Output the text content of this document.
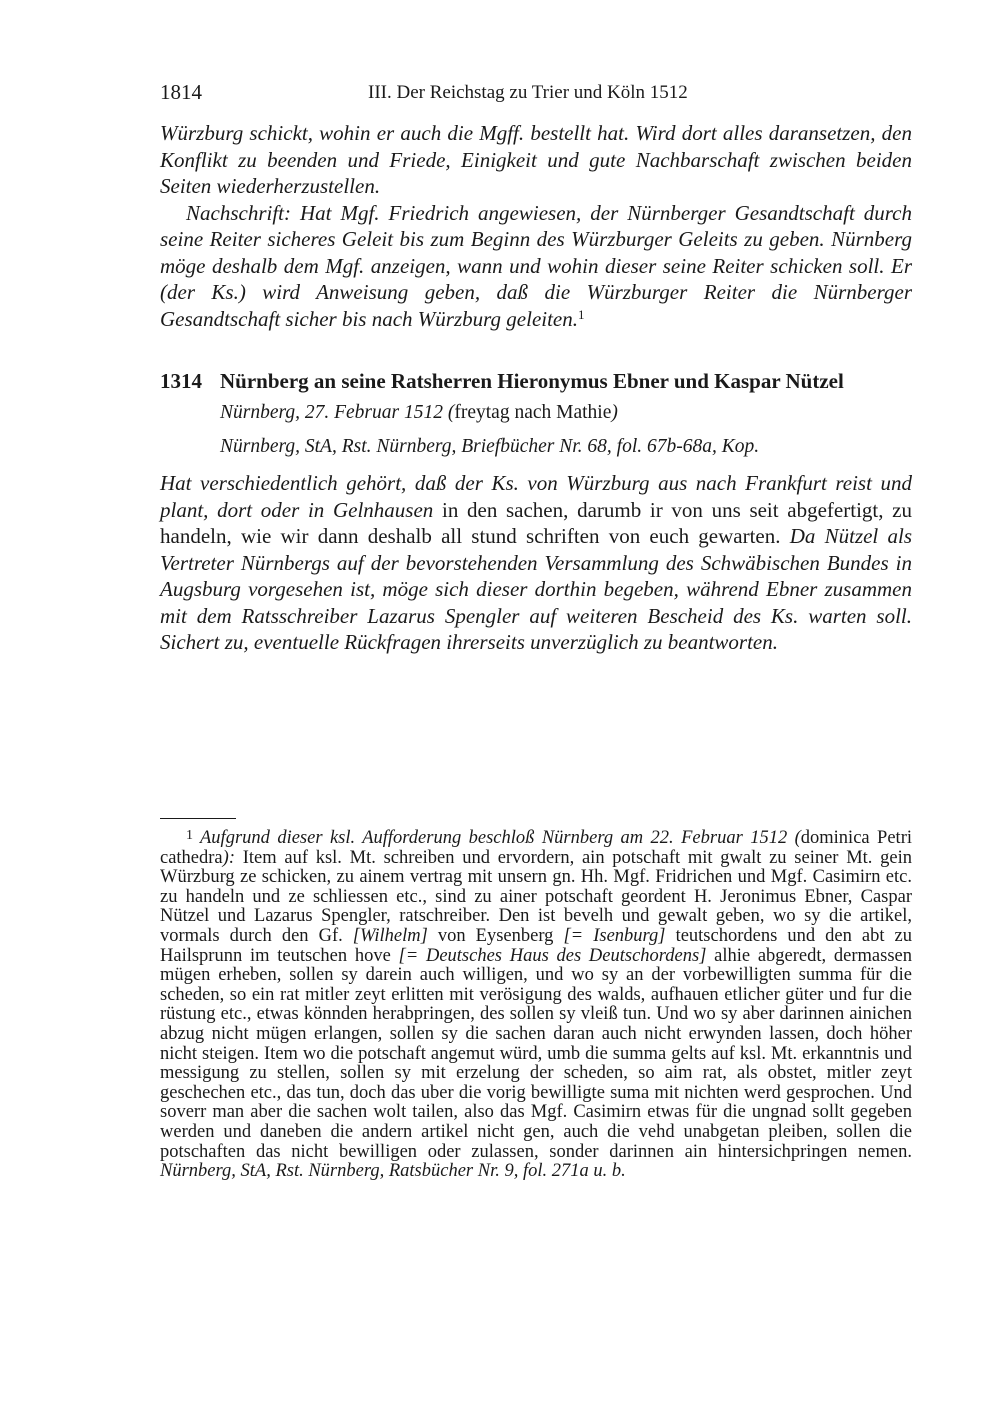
1814	III. Der Reichstag zu Trier und Köln 1512

Würzburg schickt, wohin er auch die Mgff. bestellt hat. Wird dort alles daransetzen, den Konflikt zu beenden und Friede, Einigkeit und gute Nachbarschaft zwischen beiden Seiten wiederherzustellen.

Nachschrift: Hat Mgf. Friedrich angewiesen, der Nürnberger Gesandtschaft durch seine Reiter sicheres Geleit bis zum Beginn des Würzburger Geleits zu geben. Nürnberg möge deshalb dem Mgf. anzeigen, wann und wohin dieser seine Reiter schicken soll. Er (der Ks.) wird Anweisung geben, daß die Würzburger Reiter die Nürnberger Gesandtschaft sicher bis nach Würzburg geleiten.$^1$

1314 Nürnberg an seine Ratsherren Hieronymus Ebner und Kaspar Nützel
Nürnberg, 27. Februar 1512 (freytag nach Mathie)
Nürnberg, StA, Rst. Nürnberg, Briefbücher Nr. 68, fol. 67b-68a, Kop.

Hat verschiedentlich gehört, daß der Ks. von Würzburg aus nach Frankfurt reist und plant, dort oder in Gelnhausen in den sachen, darumb ir von uns seit abgefertigt, zu handeln, wie wir dann deshalb all stund schriften von euch gewarten. Da Nützel als Vertreter Nürnbergs auf der bevorstehenden Versammlung des Schwäbischen Bundes in Augsburg vorgesehen ist, möge sich dieser dorthin begeben, während Ebner zusammen mit dem Ratsschreiber Lazarus Spengler auf weiteren Bescheid des Ks. warten soll. Sichert zu, eventuelle Rückfragen ihrerseits unverzüglich zu beantworten.

1 Aufgrund dieser ksl. Aufforderung beschloß Nürnberg am 22. Februar 1512 (dominica Petri cathedra): Item auf ksl. Mt. schreiben und ervordern, ain potschaft mit gwalt zu seiner Mt. gein Würzburg ze schicken, zu ainem vertrag mit unsern gn. Hh. Mgf. Fridrichen und Mgf. Casimirn etc. zu handeln und ze schliessen etc., sind zu ainer potschaft geordent H. Jeronimus Ebner, Caspar Nützel und Lazarus Spengler, ratschreiber. Den ist bevelh und gewalt geben, wo sy die artikel, vormals durch den Gf. [Wilhelm] von Eysenberg [= Isenburg] teutschordens und den abt zu Hailsprunn im teutschen hove [= Deutsches Haus des Deutschordens] alhie abgeredt, dermassen mügen erheben, sollen sy darein auch willigen, und wo sy an der vorbewilligten summa für die scheden, so ein rat mitler zeyt erlitten mit verösigung des walds, aufhauen etlicher güter und fur die rüstung etc., etwas könnden herabpringen, des sollen sy vleiß tun. Und wo sy aber darinnen ainichen abzug nicht mügen erlangen, sollen sy die sachen daran auch nicht erwynden lassen, doch höher nicht steigen. Item wo die potschaft angemut würd, umb die summa gelts auf ksl. Mt. erkanntnis und messigung zu stellen, sollen sy mit erzelung der scheden, so aim rat, als obstet, mitler zeyt geschechen etc., das tun, doch das uber die vorig bewilligte suma mit nichten werd gesprochen. Und soverr man aber die sachen wolt tailen, also das Mgf. Casimirn etwas für die ungnad sollt gegeben werden und daneben die andern artikel nicht gen, auch die vehd unabgetan pleiben, sollen die potschaften das nicht bewilligen oder zulassen, sonder darinnen ain hintersichpringen nemen. Nürnberg, StA, Rst. Nürnberg, Ratsbücher Nr. 9, fol. 271a u. b.
